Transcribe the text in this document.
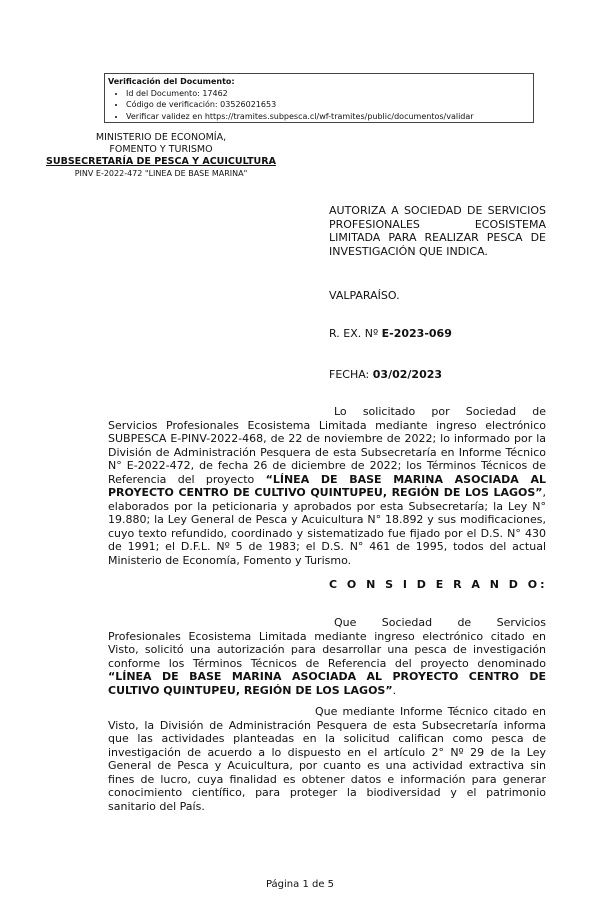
Verificación del Documento:
• Id del Documento: 17462
• Código de verificación: 03526021653
• Verificar validez en https://tramites.subpesca.cl/wf-tramites/public/documentos/validar
MINISTERIO DE ECONOMÍA,
FOMENTO Y TURISMO
SUBSECRETARÍA DE PESCA Y ACUICULTURA
PINV E-2022-472 "LINEA DE BASE MARINA"
AUTORIZA A SOCIEDAD DE SERVICIOS PROFESIONALES ECOSISTEMA LIMITADA PARA REALIZAR PESCA DE INVESTIGACIÓN QUE INDICA.
VALPARAÍSO.
R. EX. Nº E-2023-069
FECHA: 03/02/2023

Lo solicitado por Sociedad de Servicios Profesionales Ecosistema Limitada mediante ingreso electrónico SUBPESCA E-PINV-2022-468, de 22 de noviembre de 2022; lo informado por la División de Administración Pesquera de esta Subsecretaría en Informe Técnico N° E-2022-472, de fecha 26 de diciembre de 2022; los Términos Técnicos de Referencia del proyecto “LÍNEA DE BASE MARINA ASOCIADA AL PROYECTO CENTRO DE CULTIVO QUINTUPEU, REGIÓN DE LOS LAGOS”, elaborados por la peticionaria y aprobados por esta Subsecretaría; la Ley N° 19.880; la Ley General de Pesca y Acuicultura N° 18.892 y sus modificaciones, cuyo texto refundido, coordinado y sistematizado fue fijado por el D.S. N° 430 de 1991; el D.F.L. Nº 5 de 1983; el D.S. N° 461 de 1995, todos del actual Ministerio de Economía, Fomento y Turismo.

C O N S I D E R A N D O:

Que Sociedad de Servicios Profesionales Ecosistema Limitada mediante ingreso electrónico citado en Visto, solicitó una autorización para desarrollar una pesca de investigación conforme los Términos Técnicos de Referencia del proyecto denominado “LÍNEA DE BASE MARINA ASOCIADA AL PROYECTO CENTRO DE CULTIVO QUINTUPEU, REGIÓN DE LOS LAGOS”.

Que mediante Informe Técnico citado en Visto, la División de Administración Pesquera de esta Subsecretaría informa que las actividades planteadas en la solicitud califican como pesca de investigación de acuerdo a lo dispuesto en el artículo 2° Nº 29 de la Ley General de Pesca y Acuicultura, por cuanto es una actividad extractiva sin fines de lucro, cuya finalidad es obtener datos e información para generar conocimiento científico, para proteger la biodiversidad y el patrimonio sanitario del País.

Página 1 de 5
